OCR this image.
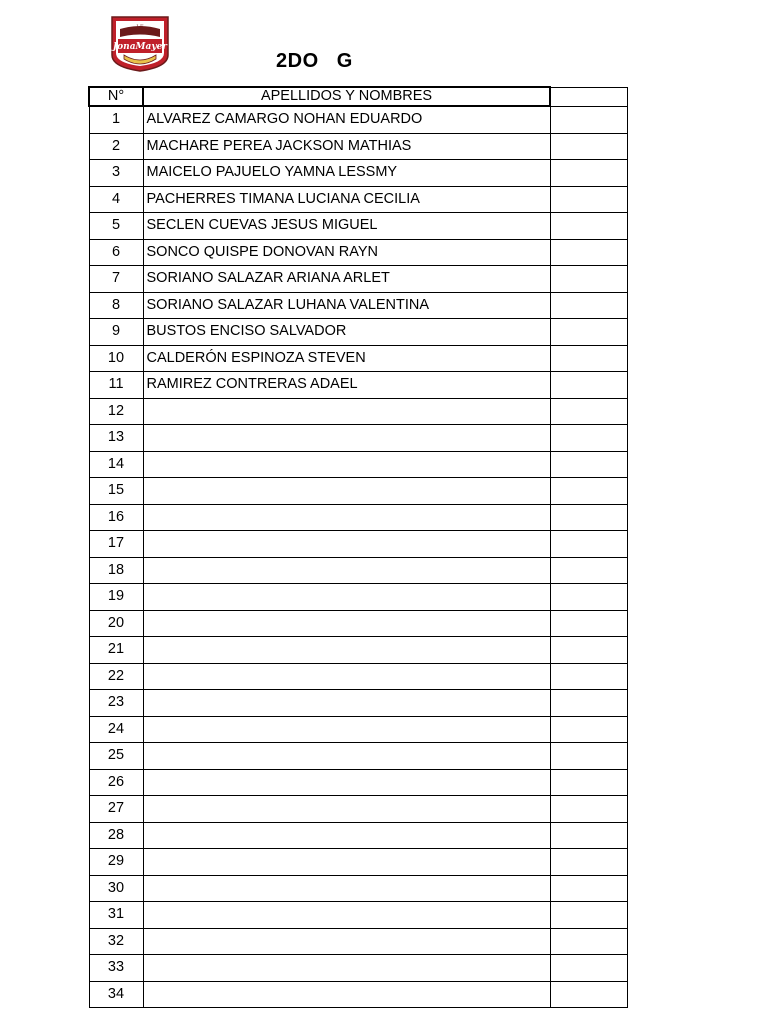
I E
JonaMayer
2DO   G
N°	APELLIDOS Y NOMBRES	
1	ALVAREZ CAMARGO NOHAN EDUARDO	
2	MACHARE PEREA JACKSON MATHIAS	
3	MAICELO PAJUELO YAMNA LESSMY	
4	PACHERRES TIMANA LUCIANA CECILIA	
5	SECLEN CUEVAS JESUS MIGUEL	
6	SONCO QUISPE DONOVAN RAYN	
7	SORIANO SALAZAR ARIANA ARLET	
8	SORIANO SALAZAR LUHANA VALENTINA	
9	BUSTOS ENCISO SALVADOR	
10	CALDERÓN ESPINOZA STEVEN	
11	RAMIREZ CONTRERAS ADAEL	
12		
13		
14		
15		
16		
17		
18		
19		
20		
21		
22		
23		
24		
25		
26		
27		
28		
29		
30		
31		
32		
33		
34		
